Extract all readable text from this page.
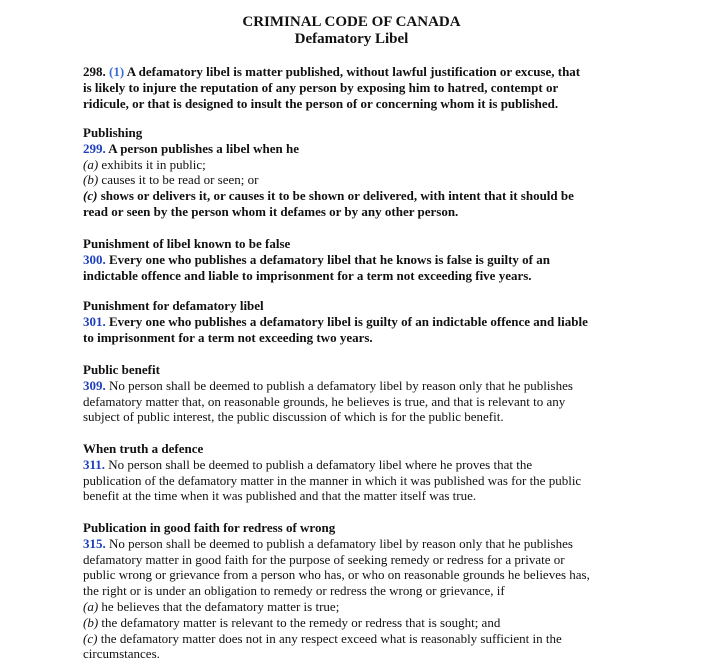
CRIMINAL CODE OF CANADA
Defamatory Libel
298. (1) A defamatory libel is matter published, without lawful justification or excuse, that
is likely to injure the reputation of any person by exposing him to hatred, contempt or
ridicule, or that is designed to insult the person of or concerning whom it is published.
Publishing
299. A person publishes a libel when he
(a) exhibits it in public;
(b) causes it to be read or seen; or
(c) shows or delivers it, or causes it to be shown or delivered, with intent that it should be
read or seen by the person whom it defames or by any other person.
Punishment of libel known to be false
300. Every one who publishes a defamatory libel that he knows is false is guilty of an
indictable offence and liable to imprisonment for a term not exceeding five years.
Punishment for defamatory libel
301. Every one who publishes a defamatory libel is guilty of an indictable offence and liable
to imprisonment for a term not exceeding two years.
Public benefit
309. No person shall be deemed to publish a defamatory libel by reason only that he publishes
defamatory matter that, on reasonable grounds, he believes is true, and that is relevant to any
subject of public interest, the public discussion of which is for the public benefit.
When truth a defence
311. No person shall be deemed to publish a defamatory libel where he proves that the
publication of the defamatory matter in the manner in which it was published was for the public
benefit at the time when it was published and that the matter itself was true.
Publication in good faith for redress of wrong
315. No person shall be deemed to publish a defamatory libel by reason only that he publishes
defamatory matter in good faith for the purpose of seeking remedy or redress for a private or
public wrong or grievance from a person who has, or who on reasonable grounds he believes has,
the right or is under an obligation to remedy or redress the wrong or grievance, if
(a) he believes that the defamatory matter is true;
(b) the defamatory matter is relevant to the remedy or redress that is sought; and
(c) the defamatory matter does not in any respect exceed what is reasonably sufficient in the
circumstances.
